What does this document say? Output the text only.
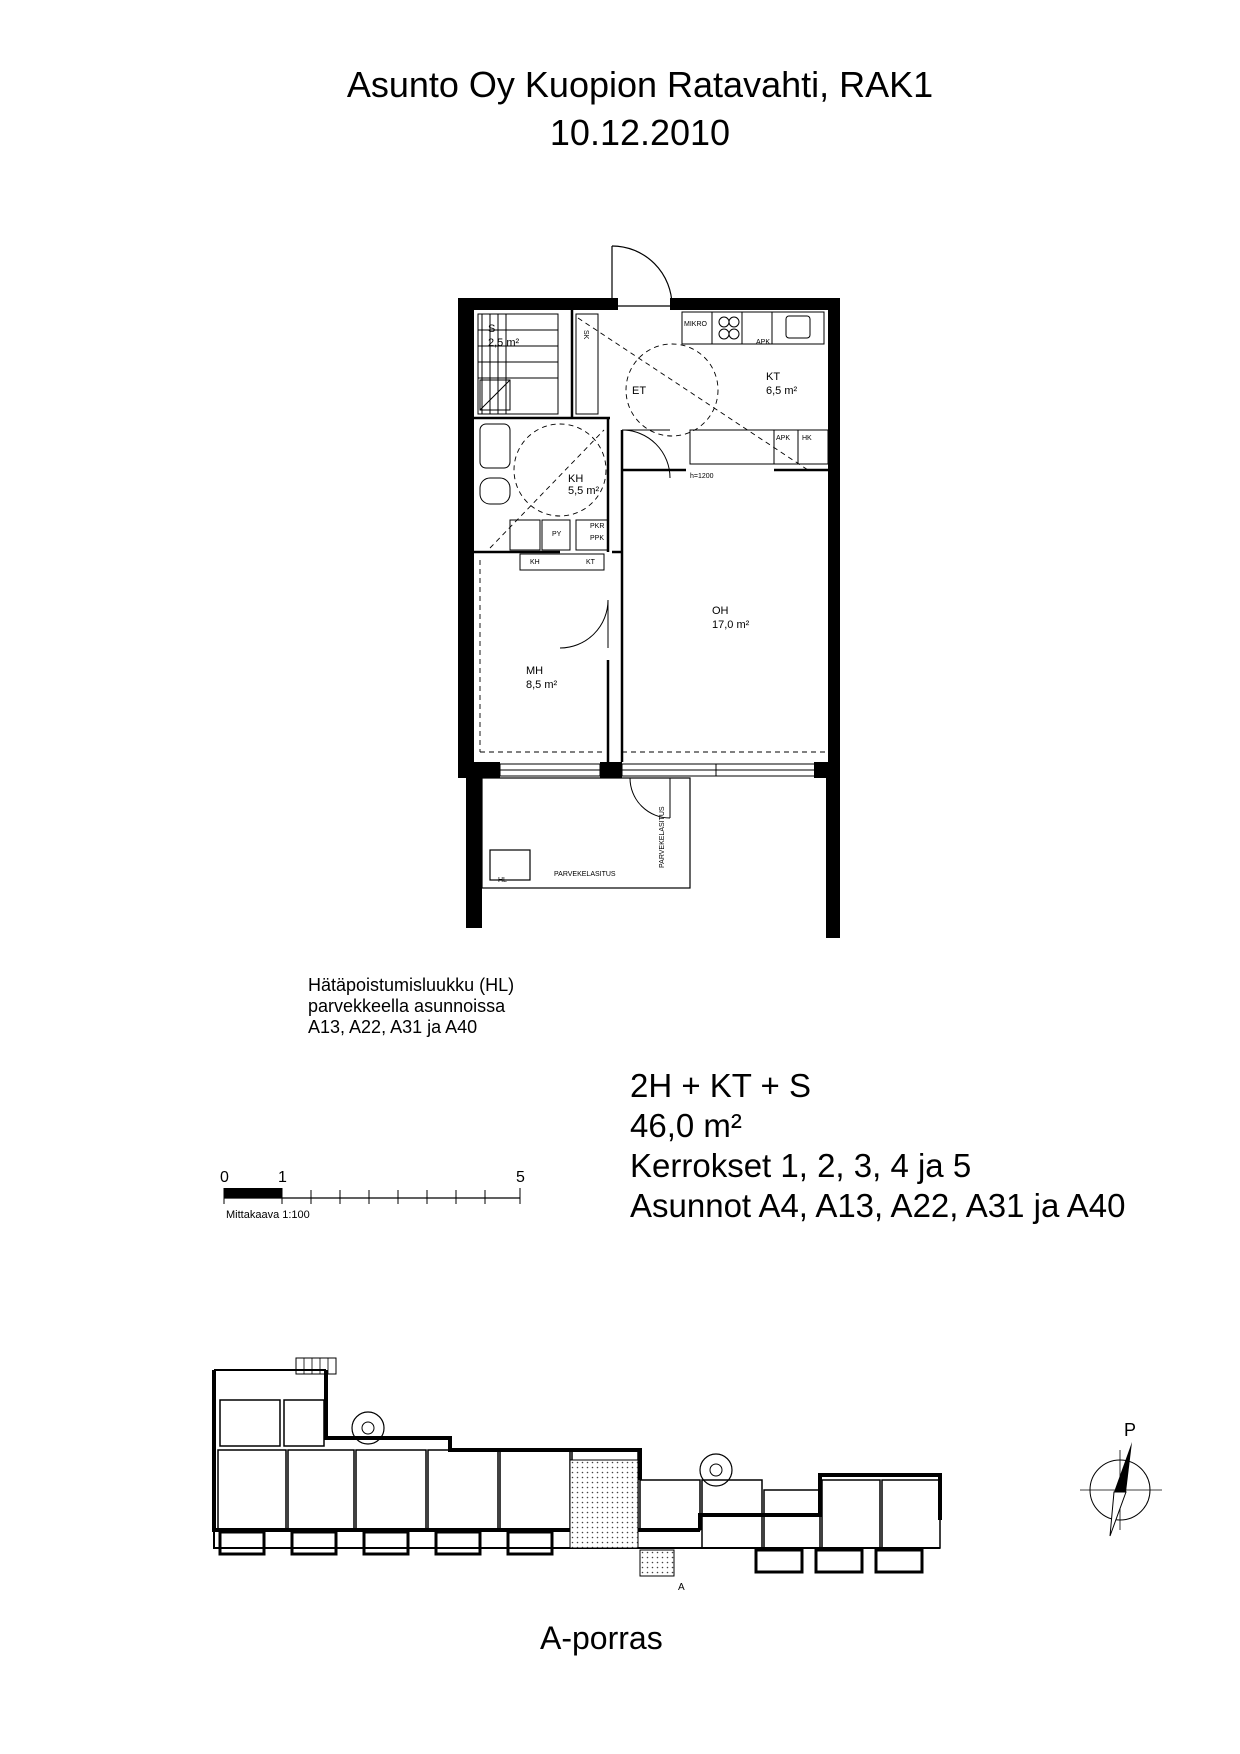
Asunto Oy Kuopion Ratavahti, RAK1
10.12.2010
S
2,5 m²
ET
KT
6,5 m²
KH
5,5 m²
OH
17,0 m²
MH
8,5 m²
MIKRO
APK
APK HK
h=1200
SK
PY
PKR
PPK
KH	KT
HL
PARVEKELASITUS
PARVEKELASITUS
Hätäpoistumisluukku (HL)
parvekkeella asunnoissa
A13, A22, A31 ja A40
2H + KT + S
46,0 m²
Kerrokset 1, 2, 3, 4 ja 5
Asunnot A4, A13, A22, A31 ja A40
0	1	5
Mittakaava 1:100
A
P
A-porras
